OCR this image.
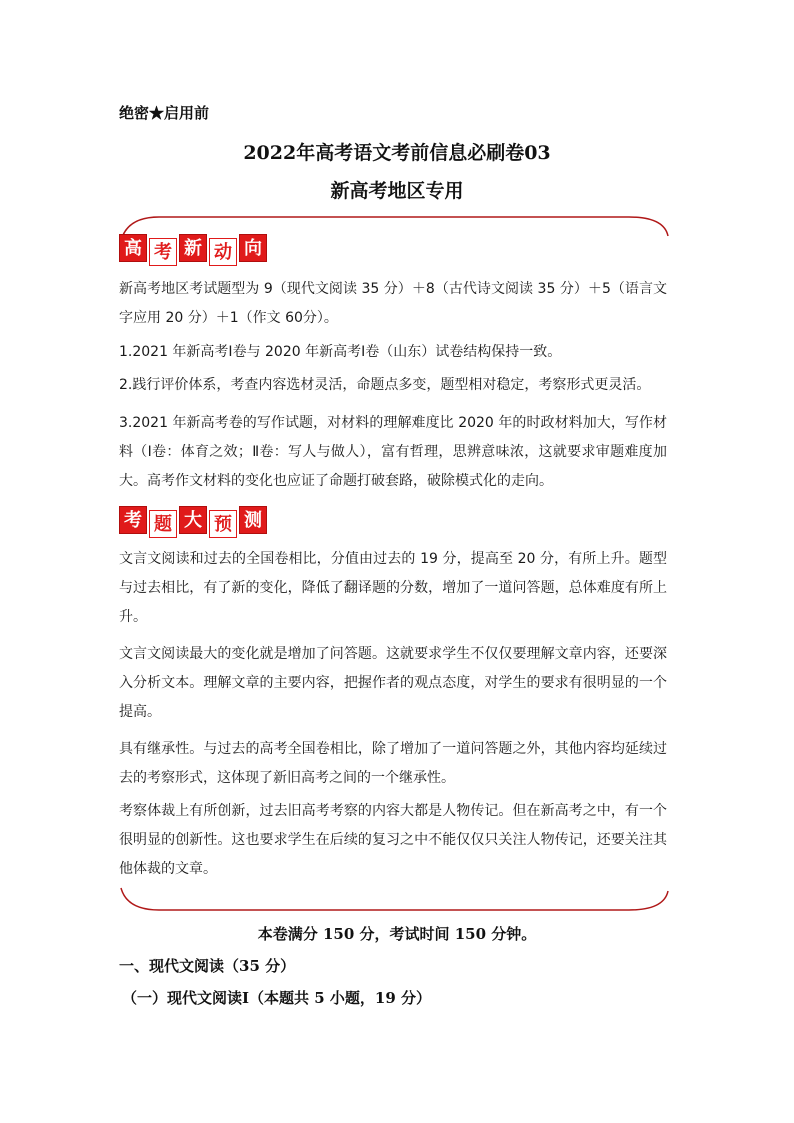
绝密★启用前
2022年高考语文考前信息必刷卷03
新高考地区专用
高 考 新 动 向
新高考地区考试题型为 9（现代文阅读 35 分）＋8（古代诗文阅读 35 分）＋5（语言文字应用 20 分）＋1（作文 60分）。
1.2021 年新高考Ⅰ卷与 2020 年新高考Ⅰ卷（山东）试卷结构保持一致。
2.践行评价体系，考查内容选材灵活，命题点多变，题型相对稳定，考察形式更灵活。
3.2021 年新高考卷的写作试题，对材料的理解难度比 2020 年的时政材料加大，写作材料（Ⅰ卷：体育之效；Ⅱ卷：写人与做人），富有哲理，思辨意味浓，这就要求审题难度加大。高考作文材料的变化也应证了命题打破套路，破除模式化的走向。
考 题 大 预 测
文言文阅读和过去的全国卷相比，分值由过去的 19 分，提高至 20 分，有所上升。题型与过去相比，有了新的变化，降低了翻译题的分数，增加了一道问答题，总体难度有所上升。
文言文阅读最大的变化就是增加了问答题。这就要求学生不仅仅要理解文章内容，还要深入分析文本。理解文章的主要内容，把握作者的观点态度，对学生的要求有很明显的一个提高。
具有继承性。与过去的高考全国卷相比，除了增加了一道问答题之外，其他内容均延续过去的考察形式，这体现了新旧高考之间的一个继承性。
考察体裁上有所创新，过去旧高考考察的内容大都是人物传记。但在新高考之中，有一个很明显的创新性。这也要求学生在后续的复习之中不能仅仅只关注人物传记，还要关注其他体裁的文章。
本卷满分 150 分，考试时间 150 分钟。
一、现代文阅读（35 分）
（一）现代文阅读Ⅰ（本题共 5 小题，19 分）
